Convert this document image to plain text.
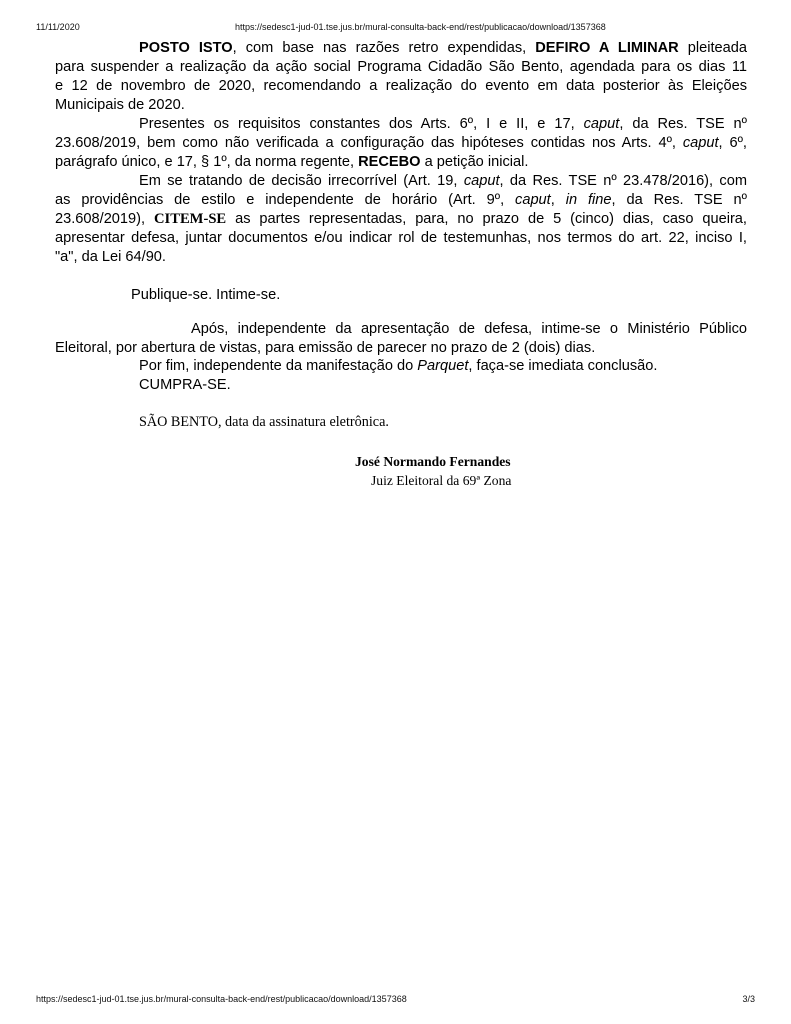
11/11/2020	https://sedesc1-jud-01.tse.jus.br/mural-consulta-back-end/rest/publicacao/download/1357368
POSTO ISTO, com base nas razões retro expendidas, DEFIRO A LIMINAR pleiteada
para suspender a realização da ação social Programa Cidadão São Bento, agendada para os dias 11
e 12 de novembro de 2020, recomendando a realização do evento em data posterior às Eleições
Municipais de 2020.
Presentes os requisitos constantes dos Arts. 6º, I e II, e 17, caput, da Res. TSE nº
23.608/2019, bem como não verificada a configuração das hipóteses contidas nos Arts. 4º, caput, 6º,
parágrafo único, e 17, § 1º, da norma regente, RECEBO a petição inicial.
Em se tratando de decisão irrecorrível (Art. 19, caput, da Res. TSE nº 23.478/2016), com
as providências de estilo e independente de horário (Art. 9º, caput, in fine, da Res. TSE nº
23.608/2019), CITEM-SE as partes representadas, para, no prazo de 5 (cinco) dias, caso queira,
apresentar defesa, juntar documentos e/ou indicar rol de testemunhas, nos termos do art. 22, inciso I,
"a", da Lei 64/90.
Publique-se. Intime-se.
Após, independente da apresentação de defesa, intime-se o Ministério Público
Eleitoral, por abertura de vistas, para emissão de parecer no prazo de 2 (dois) dias.
Por fim, independente da manifestação do Parquet, faça-se imediata conclusão.
CUMPRA-SE.
SÃO BENTO, data da assinatura eletrônica.
José Normando Fernandes
Juiz Eleitoral da 69ª Zona
https://sedesc1-jud-01.tse.jus.br/mural-consulta-back-end/rest/publicacao/download/1357368	3/3
